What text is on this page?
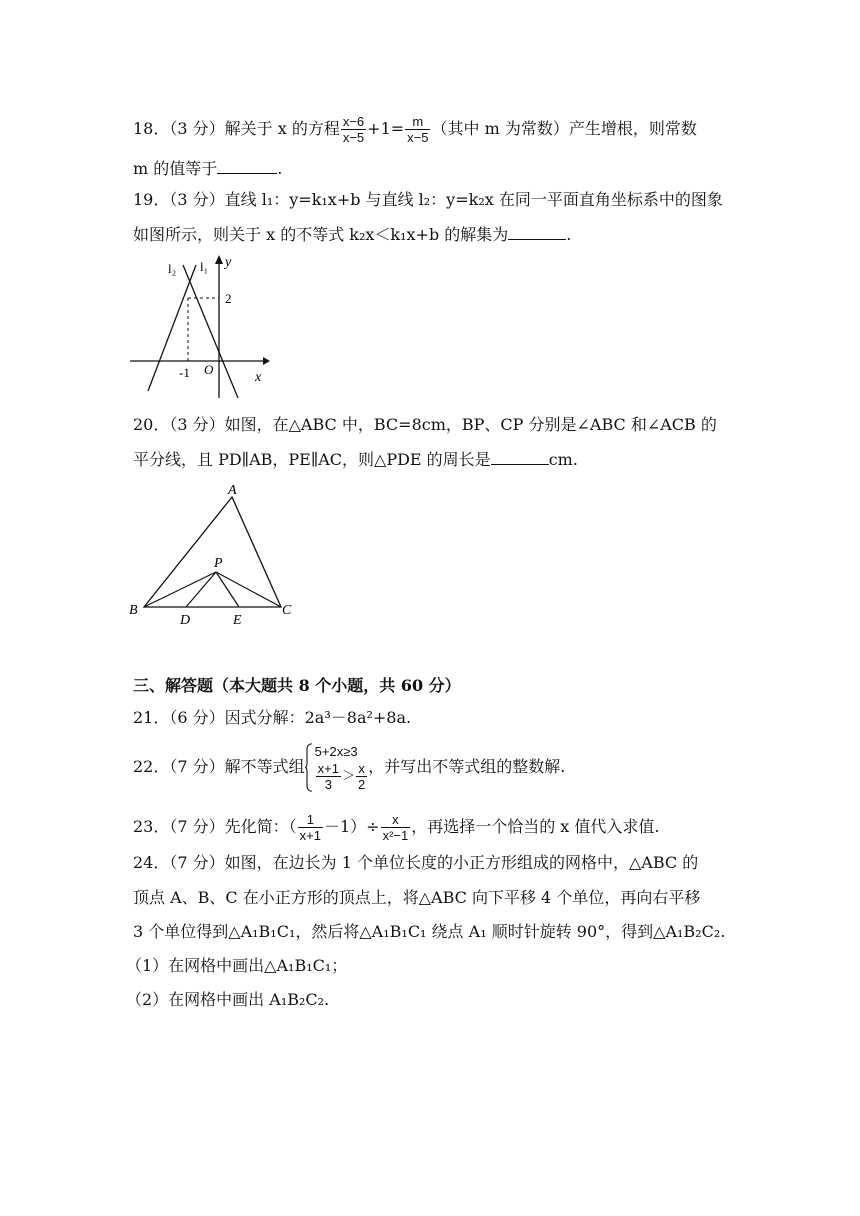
18．（3 分）解关于 x 的方程 $\frac{x-6}{x-5} +1= \frac{m}{x-5}$ （其中 m 为常数）产生增根，则常数
m 的值等于	.
19．（3 分）直线 l₁：y=k₁x+b 与直线 l₂：y=k₂x 在同一平面直角坐标系中的图象
如图所示，则关于 x 的不等式 k₂x＜k₁x+b 的解集为	.
l₂ l₁ y
2
-1 O
x
20．（3 分）如图，在△ABC 中，BC=8cm，BP、CP 分别是∠ABC 和∠ACB 的
平分线，且 PD∥AB，PE∥AC，则△PDE 的周长是	cm.
A
B	C
P
D	E
三、解答题（本大题共 8 个小题，共 60 分）
21．（6 分）因式分解：2a³－8a²+8a.
22．（7 分）解不等式组
5+2x≥3
$\frac{x+1}{3} > \frac{x}{2}$ ，并写出不等式组的整数解.
23．（7 分）先化简：（ $\frac{1}{x+1} -1)\div \frac{x}{\text{x²−1}}$ ，再选择一个恰当的 x 值代入求值.
24．（7 分）如图，在边长为 1 个单位长度的小正方形组成的网格中，△ABC 的
顶点 A、B、C 在小正方形的顶点上，将△ABC 向下平移 4 个单位，再向右平移
3 个单位得到△A₁B₁C₁，然后将△A₁B₁C₁ 绕点 A₁ 顺时针旋转 90°，得到△A₁B₂C₂.
（1）在网格中画出△A₁B₁C₁；
（2）在网格中画出 A₁B₂C₂.
